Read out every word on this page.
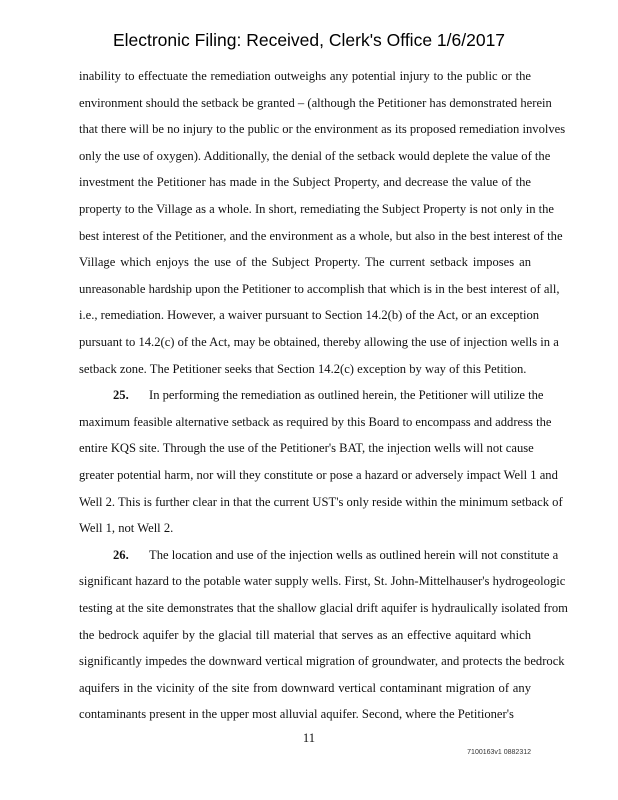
Electronic Filing: Received, Clerk's Office 1/6/2017
inability to effectuate the remediation outweighs any potential injury to the public or the
environment should the setback be granted – (although the Petitioner has demonstrated herein
that there will be no injury to the public or the environment as its proposed remediation involves
only the use of oxygen). Additionally, the denial of the setback would deplete the value of the
investment the Petitioner has made in the Subject Property, and decrease the value of the
property to the Village as a whole. In short, remediating the Subject Property is not only in the
best interest of the Petitioner, and the environment as a whole, but also in the best interest of the
Village which enjoys the use of the Subject Property. The current setback imposes an
unreasonable hardship upon the Petitioner to accomplish that which is in the best interest of all,
i.e., remediation. However, a waiver pursuant to Section 14.2(b) of the Act, or an exception
pursuant to 14.2(c) of the Act, may be obtained, thereby allowing the use of injection wells in a
setback zone. The Petitioner seeks that Section 14.2(c) exception by way of this Petition.
In performing the remediation as outlined herein, the Petitioner will utilize the
25.
maximum feasible alternative setback as required by this Board to encompass and address the
entire KQS site. Through the use of the Petitioner's BAT, the injection wells will not cause
greater potential harm, nor will they constitute or pose a hazard or adversely impact Well 1 and
Well 2. This is further clear in that the current UST's only reside within the minimum setback of
Well 1, not Well 2.
The location and use of the injection wells as outlined herein will not constitute a
26.
significant hazard to the potable water supply wells. First, St. John-Mittelhauser's hydrogeologic
testing at the site demonstrates that the shallow glacial drift aquifer is hydraulically isolated from
the bedrock aquifer by the glacial till material that serves as an effective aquitard which
significantly impedes the downward vertical migration of groundwater, and protects the bedrock
aquifers in the vicinity of the site from downward vertical contaminant migration of any
contaminants present in the upper most alluvial aquifer. Second, where the Petitioner's
11
7100163v1 0882312
